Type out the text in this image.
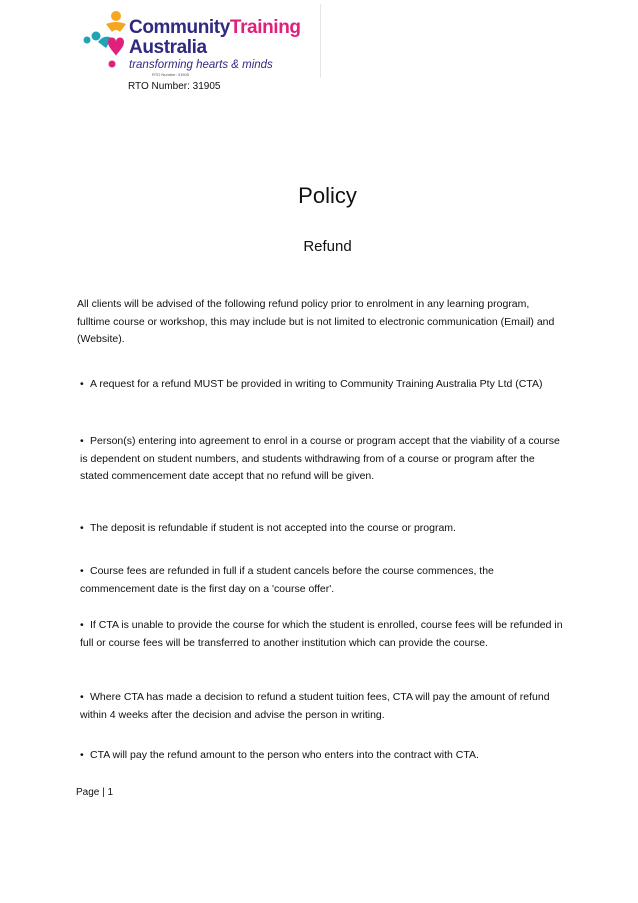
CommunityTraining
Australia
transforming hearts & minds
RTO Number: 31905
RTO Number: 31905
Policy
Refund
All clients will be advised of the following refund policy prior to enrolment in any learning program, fulltime course or workshop, this may include but is not limited to electronic communication (Email) and (Website).
• A request for a refund MUST be provided in writing to Community Training Australia Pty Ltd (CTA)
• Person(s) entering into agreement to enrol in a course or program accept that the viability of a course is dependent on student numbers, and students withdrawing from of a course or program after the stated commencement date accept that no refund will be given.
• The deposit is refundable if student is not accepted into the course or program.
• Course fees are refunded in full if a student cancels before the course commences, the commencement date is the first day on a 'course offer'.
• If CTA is unable to provide the course for which the student is enrolled, course fees will be refunded in full or course fees will be transferred to another institution which can provide the course.
• Where CTA has made a decision to refund a student tuition fees, CTA will pay the amount of refund within 4 weeks after the decision and advise the person in writing.
• CTA will pay the refund amount to the person who enters into the contract with CTA.
Page | 1
